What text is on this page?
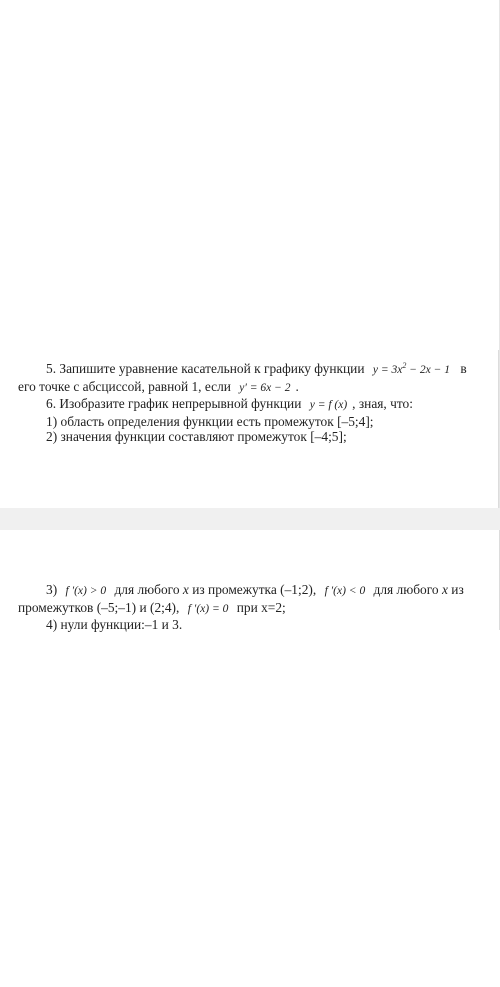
5. Запишите уравнение касательной к графику функции $y = 3x^2 - 2x - 1$ в

его точке с абсциссой, равной 1, если y′ = 6x − 2 .

6. Изобразите график непрерывной функции y = f (x) , зная, что:

1) область определения функции есть промежуток [–5;4];

2) значения функции составляют промежуток [–4;5];

3) f ′(x) > 0 для любого x из промежутка (–1;2), f ′(x) < 0 для любого x из

промежутков (–5;–1) и (2;4), f ′(x) = 0 при x=2;

4) нули функции:–1 и 3.
